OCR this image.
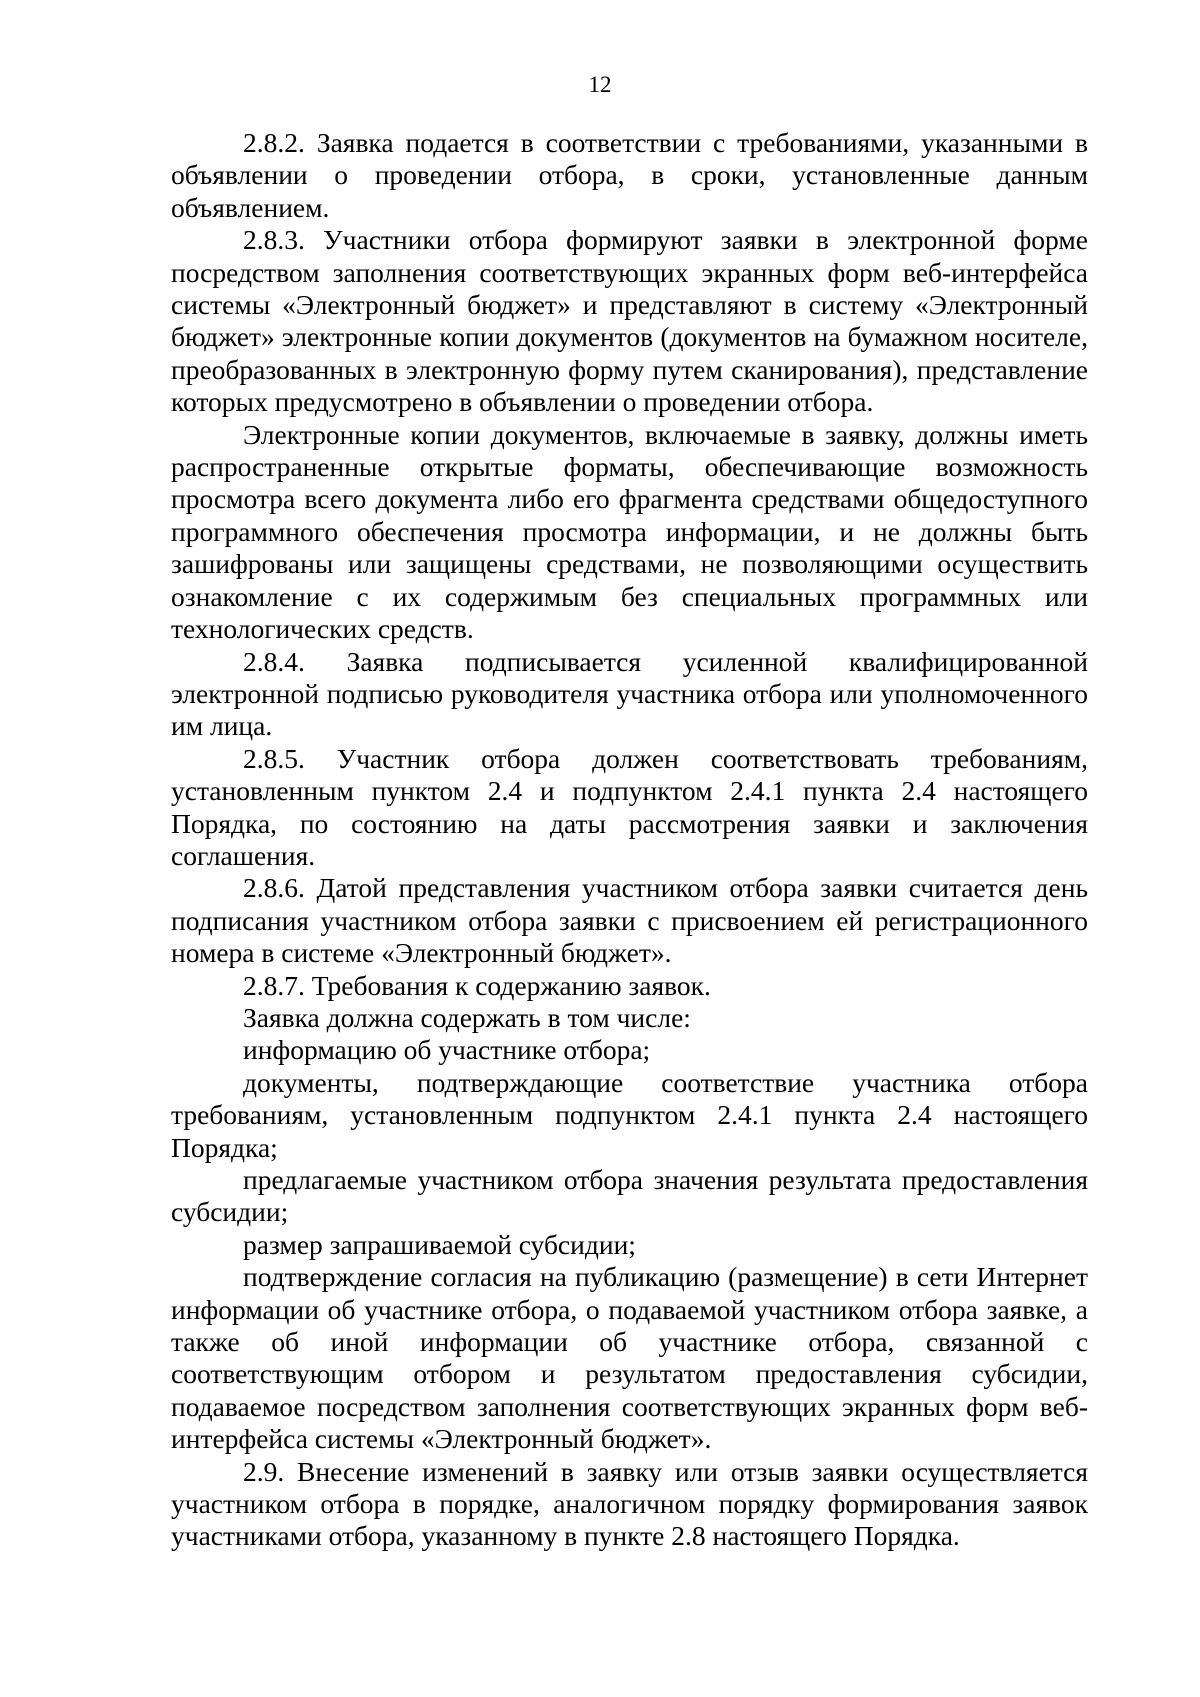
12

2.8.2. Заявка подается в соответствии с требованиями, указанными в объявлении о проведении отбора, в сроки, установленные данным объявлением.

2.8.3. Участники отбора формируют заявки в электронной форме посредством заполнения соответствующих экранных форм веб-интерфейса системы «Электронный бюджет» и представляют в систему «Электронный бюджет» электронные копии документов (документов на бумажном носителе, преобразованных в электронную форму путем сканирования), представление которых предусмотрено в объявлении о проведении отбора.

Электронные копии документов, включаемые в заявку, должны иметь распространенные открытые форматы, обеспечивающие возможность просмотра всего документа либо его фрагмента средствами общедоступного программного обеспечения просмотра информации, и не должны быть зашифрованы или защищены средствами, не позволяющими осуществить ознакомление с их содержимым без специальных программных или технологических средств.

2.8.4. Заявка подписывается усиленной квалифицированной электронной подписью руководителя участника отбора или уполномоченного им лица.

2.8.5. Участник отбора должен соответствовать требованиям, установленным пунктом 2.4 и подпунктом 2.4.1 пункта 2.4 настоящего Порядка, по состоянию на даты рассмотрения заявки и заключения соглашения.

2.8.6. Датой представления участником отбора заявки считается день подписания участником отбора заявки с присвоением ей регистрационного номера в системе «Электронный бюджет».

2.8.7. Требования к содержанию заявок.

Заявка должна содержать в том числе:

информацию об участнике отбора;

документы, подтверждающие соответствие участника отбора требованиям, установленным подпунктом 2.4.1 пункта 2.4 настоящего Порядка;

предлагаемые участником отбора значения результата предоставления субсидии;

размер запрашиваемой субсидии;

подтверждение согласия на публикацию (размещение) в сети Интернет информации об участнике отбора, о подаваемой участником отбора заявке, а также об иной информации об участнике отбора, связанной с соответствующим отбором и результатом предоставления субсидии, подаваемое посредством заполнения соответствующих экранных форм веб-интерфейса системы «Электронный бюджет».

2.9. Внесение изменений в заявку или отзыв заявки осуществляется участником отбора в порядке, аналогичном порядку формирования заявок участниками отбора, указанному в пункте 2.8 настоящего Порядка.
